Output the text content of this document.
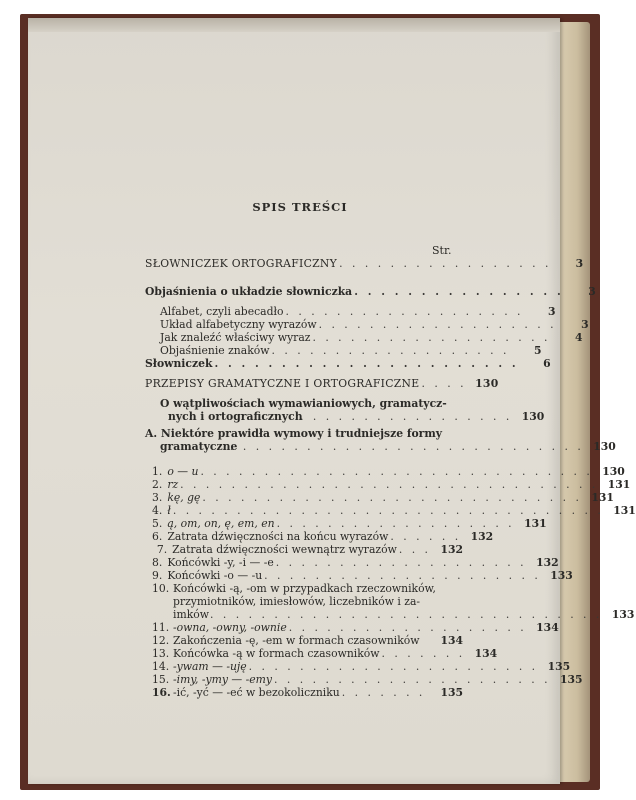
SPIS TREŚCI
Str.
SŁOWNICZEK ORTOGRAFICZNY . . . . . . . . . . . . . . . . .	3
Objaśnienia o układzie słowniczka . . . . . . . . . . . . . . . .	3
Alfabet, czyli abecadło . . . . . . . . . . . . . . . . . . .	3
Układ alfabetyczny wyrazów . . . . . . . . . . . . . . . . . . .	3
Jak znaleźć właściwy wyraz . . . . . . . . . . . . . . . . . . .	4
Objaśnienie znaków . . . . . . . . . . . . . . . . . . .	5
Słowniczek . . . . . . . . . . . . . . . . . . . . . . .	6
PRZEPISY GRAMATYCZNE I ORTOGRAFICZNE . . . . 130
O wątpliwościach wymawianiowych, gramatycz-
nych i ortograficznych
. . . . . . . . . . . . . . . . . 130
A. Niektóre prawidła wymowy i trudniejsze formy
gramatyczne
. . . . . . . . . . . . . . . . . . . . . . . . . . . . 130
1. o — u . . . . . . . . . . . . . . . . . . . . . . . . . . . . . . . 130
2. rz . . . . . . . . . . . . . . . . . . . . . . . . . . . . . . . . . 131
3. kę, gę . . . . . . . . . . . . . . . . . . . . . . . . . . . . . . 131
4. ł . . . . . . . . . . . . . . . . . . . . . . . . . . . . . . . . . . 131
5. ą, om, on, ę, em, en . . . . . . . . . . . . . . . . . . . 131
6. Zatrata dźwięczności na końcu wyrazów . . . . . . 132
7. Zatrata dźwięczności wewnątrz wyrazów . . . 132
8. Końcówki -y, -i — -e . . . . . . . . . . . . . . . . . . . . 132
9. Końcówki -o — -u . . . . . . . . . . . . . . . . . . . . . . 133
10. Końcówki -ą, -om w przypadkach rzeczowników,
przymiotników, imiesłowów, liczebników i za-
imków . . . . . . . . . . . . . . . . . . . . . . . . . . . . . . . 133
11. -owna, -owny, -ownie . . . . . . . . . . . . . . . . . . . 134
12. Zakończenia -ę, -em w formach czasowników	134
13. Końcówka -ą w formach czasowników . . . . . . . 134
14. -ywam — -uję . . . . . . . . . . . . . . . . . . . . . . . 135
15. -imy, -ymy — -emy . . . . . . . . . . . . . . . . . . . . . . 135
16. -ić, -yć — -eć w bezokoliczniku . . . . . . .	135
